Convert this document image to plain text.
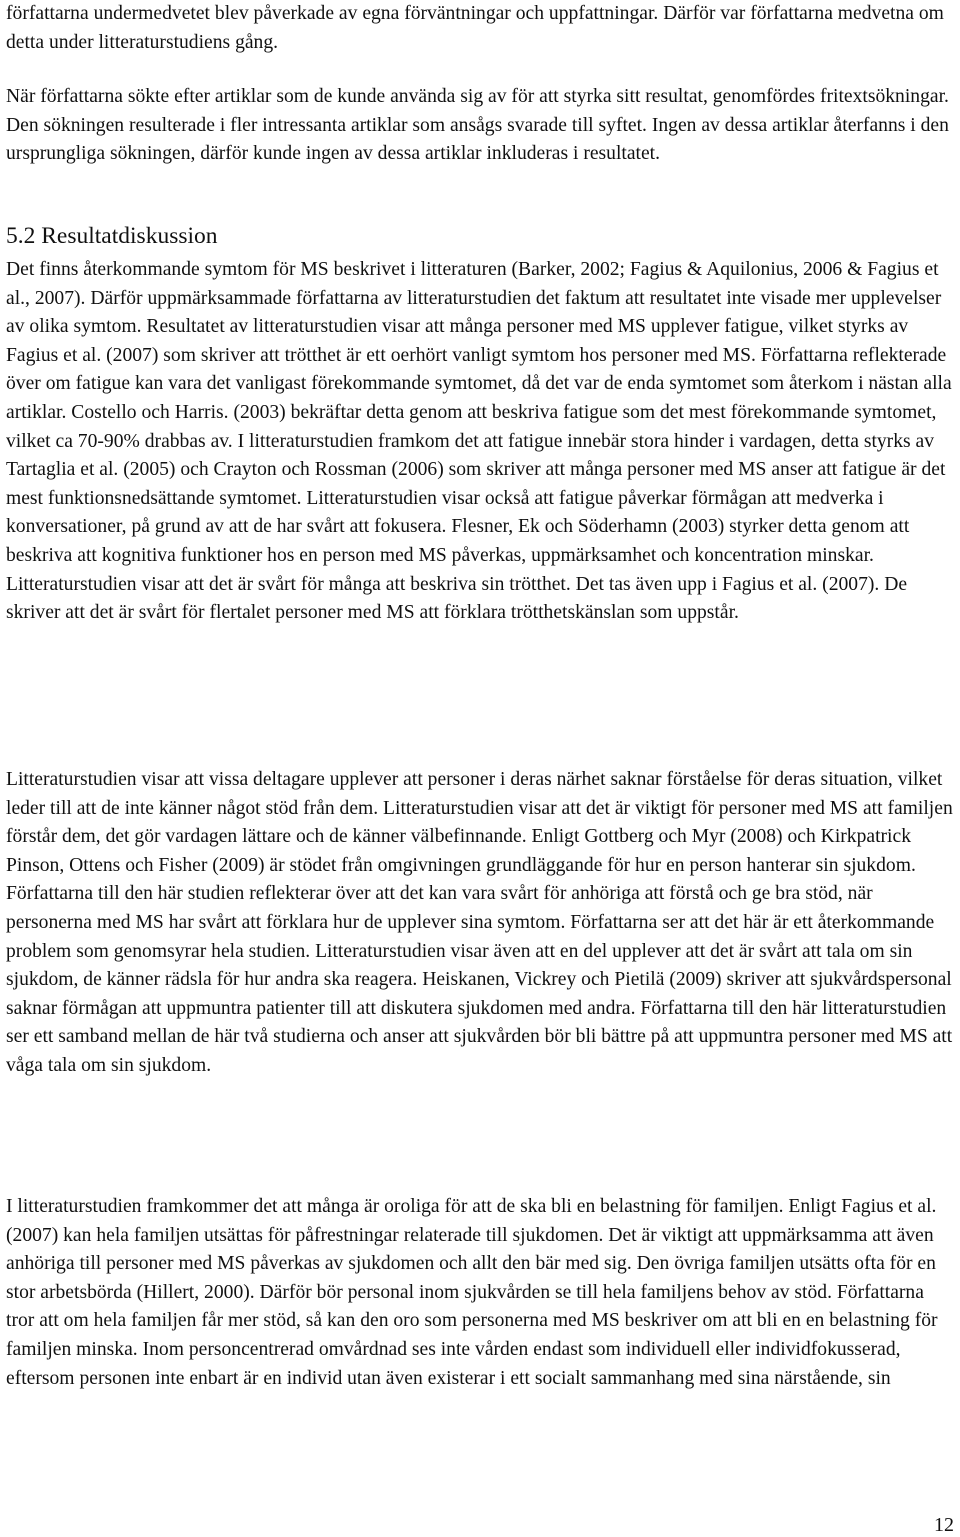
författarna undermedvetet blev påverkade av egna förväntningar och uppfattningar. Därför var författarna medvetna om detta under litteraturstudiens gång.

När författarna sökte efter artiklar som de kunde använda sig av för att styrka sitt resultat, genomfördes fritextsökningar. Den sökningen resulterade i fler intressanta artiklar som ansågs svarade till syftet. Ingen av dessa artiklar återfanns i den ursprungliga sökningen, därför kunde ingen av dessa artiklar inkluderas i resultatet.

5.2 Resultatdiskussion

Det finns återkommande symtom för MS beskrivet i litteraturen (Barker, 2002; Fagius & Aquilonius, 2006 & Fagius et al., 2007). Därför uppmärksammade författarna av litteraturstudien det faktum att resultatet inte visade mer upplevelser av olika symtom. Resultatet av litteraturstudien visar att många personer med MS upplever fatigue, vilket styrks av Fagius et al. (2007) som skriver att trötthet är ett oerhört vanligt symtom hos personer med MS. Författarna reflekterade över om fatigue kan vara det vanligast förekommande symtomet, då det var de enda symtomet som återkom i nästan alla artiklar. Costello och Harris. (2003) bekräftar detta genom att beskriva fatigue som det mest förekommande symtomet, vilket ca 70-90% drabbas av. I litteraturstudien framkom det att fatigue innebär stora hinder i vardagen, detta styrks av Tartaglia et al. (2005) och Crayton och Rossman (2006) som skriver att många personer med MS anser att fatigue är det mest funktionsnedsättande symtomet. Litteraturstudien visar också att fatigue påverkar förmågan att medverka i konversationer, på grund av att de har svårt att fokusera. Flesner, Ek och Söderhamn (2003) styrker detta genom att beskriva att kognitiva funktioner hos en person med MS påverkas, uppmärksamhet och koncentration minskar. Litteraturstudien visar att det är svårt för många att beskriva sin trötthet. Det tas även upp i Fagius et al. (2007). De skriver att det är svårt för flertalet personer med MS att förklara trötthetskänslan som uppstår.

Litteraturstudien visar att vissa deltagare upplever att personer i deras närhet saknar förståelse för deras situation, vilket leder till att de inte känner något stöd från dem. Litteraturstudien visar att det är viktigt för personer med MS att familjen förstår dem, det gör vardagen lättare och de känner välbefinnande. Enligt Gottberg och Myr (2008) och Kirkpatrick Pinson, Ottens och Fisher (2009) är stödet från omgivningen grundläggande för hur en person hanterar sin sjukdom. Författarna till den här studien reflekterar över att det kan vara svårt för anhöriga att förstå och ge bra stöd, när personerna med MS har svårt att förklara hur de upplever sina symtom. Författarna ser att det här är ett återkommande problem som genomsyrar hela studien. Litteraturstudien visar även att en del upplever att det är svårt att tala om sin sjukdom, de känner rädsla för hur andra ska reagera. Heiskanen, Vickrey och Pietilä (2009) skriver att sjukvårdspersonal saknar förmågan att uppmuntra patienter till att diskutera sjukdomen med andra. Författarna till den här litteraturstudien ser ett samband mellan de här två studierna och anser att sjukvården bör bli bättre på att uppmuntra personer med MS att våga tala om sin sjukdom.

I litteraturstudien framkommer det att många är oroliga för att de ska bli en belastning för familjen. Enligt Fagius et al. (2007) kan hela familjen utsättas för påfrestningar relaterade till sjukdomen. Det är viktigt att uppmärksamma att även anhöriga till personer med MS påverkas av sjukdomen och allt den bär med sig. Den övriga familjen utsätts ofta för en stor arbetsbörda (Hillert, 2000). Därför bör personal inom sjukvården se till hela familjens behov av stöd. Författarna tror att om hela familjen får mer stöd, så kan den oro som personerna med MS beskriver om att bli en en belastning för familjen minska. Inom personcentrerad omvårdnad ses inte vården endast som individuell eller individfokusserad, eftersom personen inte enbart är en individ utan även existerar i ett socialt sammanhang med sina närstående, sin

12
